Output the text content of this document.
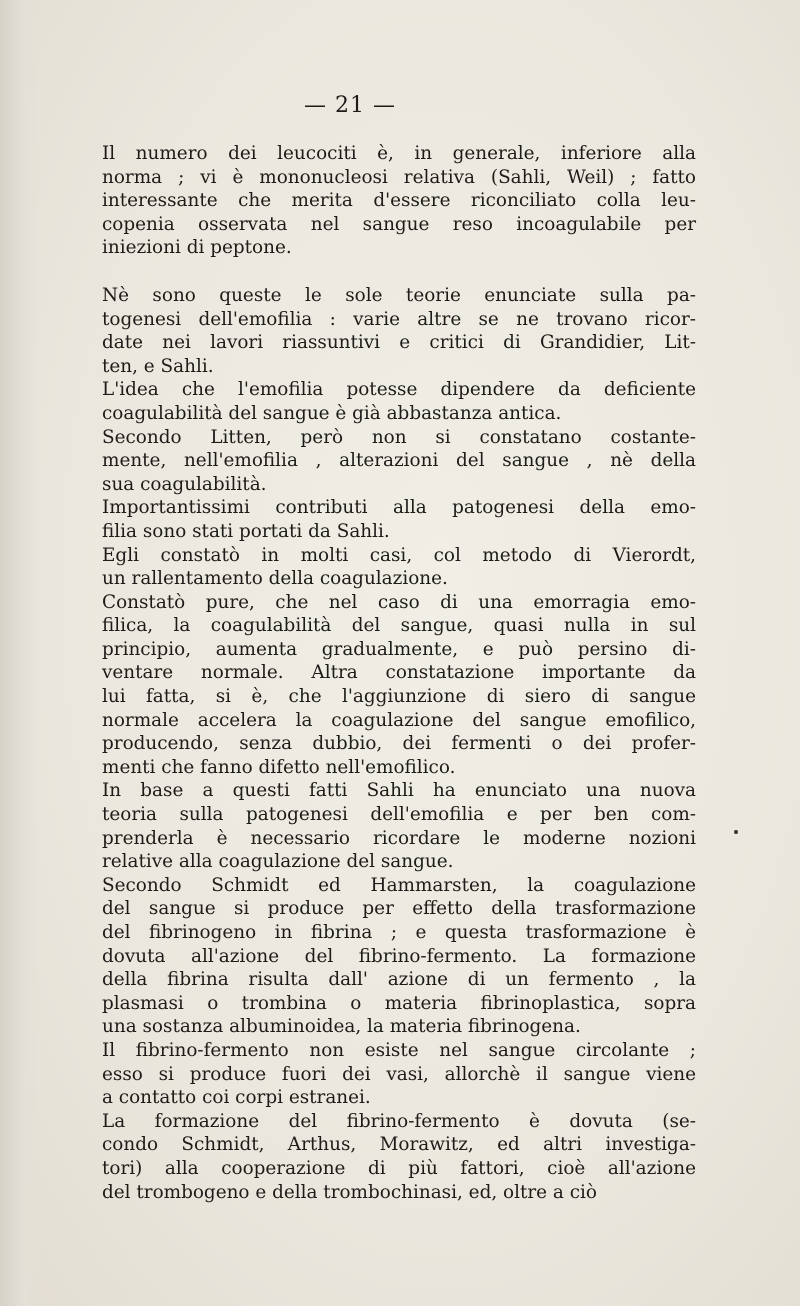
— 21 —

Il numero dei leucociti è, in generale, inferiore alla
norma ; vi è mononucleosi relativa (Sahli, Weil) ; fatto
interessante che merita d'essere riconciliato colla leu-
copenia osservata nel sangue reso incoagulabile per
iniezioni di peptone.

Nè sono queste le sole teorie enunciate sulla pa-
togenesi dell'emofilia : varie altre se ne trovano ricor-
date nei lavori riassuntivi e critici di Grandidier, Lit-
ten, e Sahli.

L'idea che l'emofilia potesse dipendere da deficiente
coagulabilità del sangue è già abbastanza antica.

Secondo Litten, però non si constatano costante-
mente, nell'emofilia , alterazioni del sangue , nè della
sua coagulabilità.

Importantissimi contributi alla patogenesi della emo-
filia sono stati portati da Sahli.

Egli constatò in molti casi, col metodo di Vierordt,
un rallentamento della coagulazione.

Constatò pure, che nel caso di una emorragia emo-
filica, la coagulabilità del sangue, quasi nulla in sul
principio, aumenta gradualmente, e può persino di-
ventare normale. Altra constatazione importante da
lui fatta, si è, che l'aggiunzione di siero di sangue
normale accelera la coagulazione del sangue emofilico,
producendo, senza dubbio, dei fermenti o dei profer-
menti che fanno difetto nell'emofilico.

In base a questi fatti Sahli ha enunciato una nuova
teoria sulla patogenesi dell'emofilia e per ben com-
prenderla è necessario ricordare le moderne nozioni
relative alla coagulazione del sangue.

Secondo Schmidt ed Hammarsten, la coagulazione
del sangue si produce per effetto della trasformazione
del fibrinogeno in fibrina ; e questa trasformazione è
dovuta all'azione del fibrino-fermento. La formazione
della fibrina risulta dall' azione di un fermento , la
plasmasi o trombina o materia fibrinoplastica, sopra
una sostanza albuminoidea, la materia fibrinogena.

Il fibrino-fermento non esiste nel sangue circolante ;
esso si produce fuori dei vasi, allorchè il sangue viene
a contatto coi corpi estranei.

La formazione del fibrino-fermento è dovuta (se-
condo Schmidt, Arthus, Morawitz, ed altri investiga-
tori) alla cooperazione di più fattori, cioè all'azione
del trombogeno e della trombochinasi, ed, oltre a ciò
